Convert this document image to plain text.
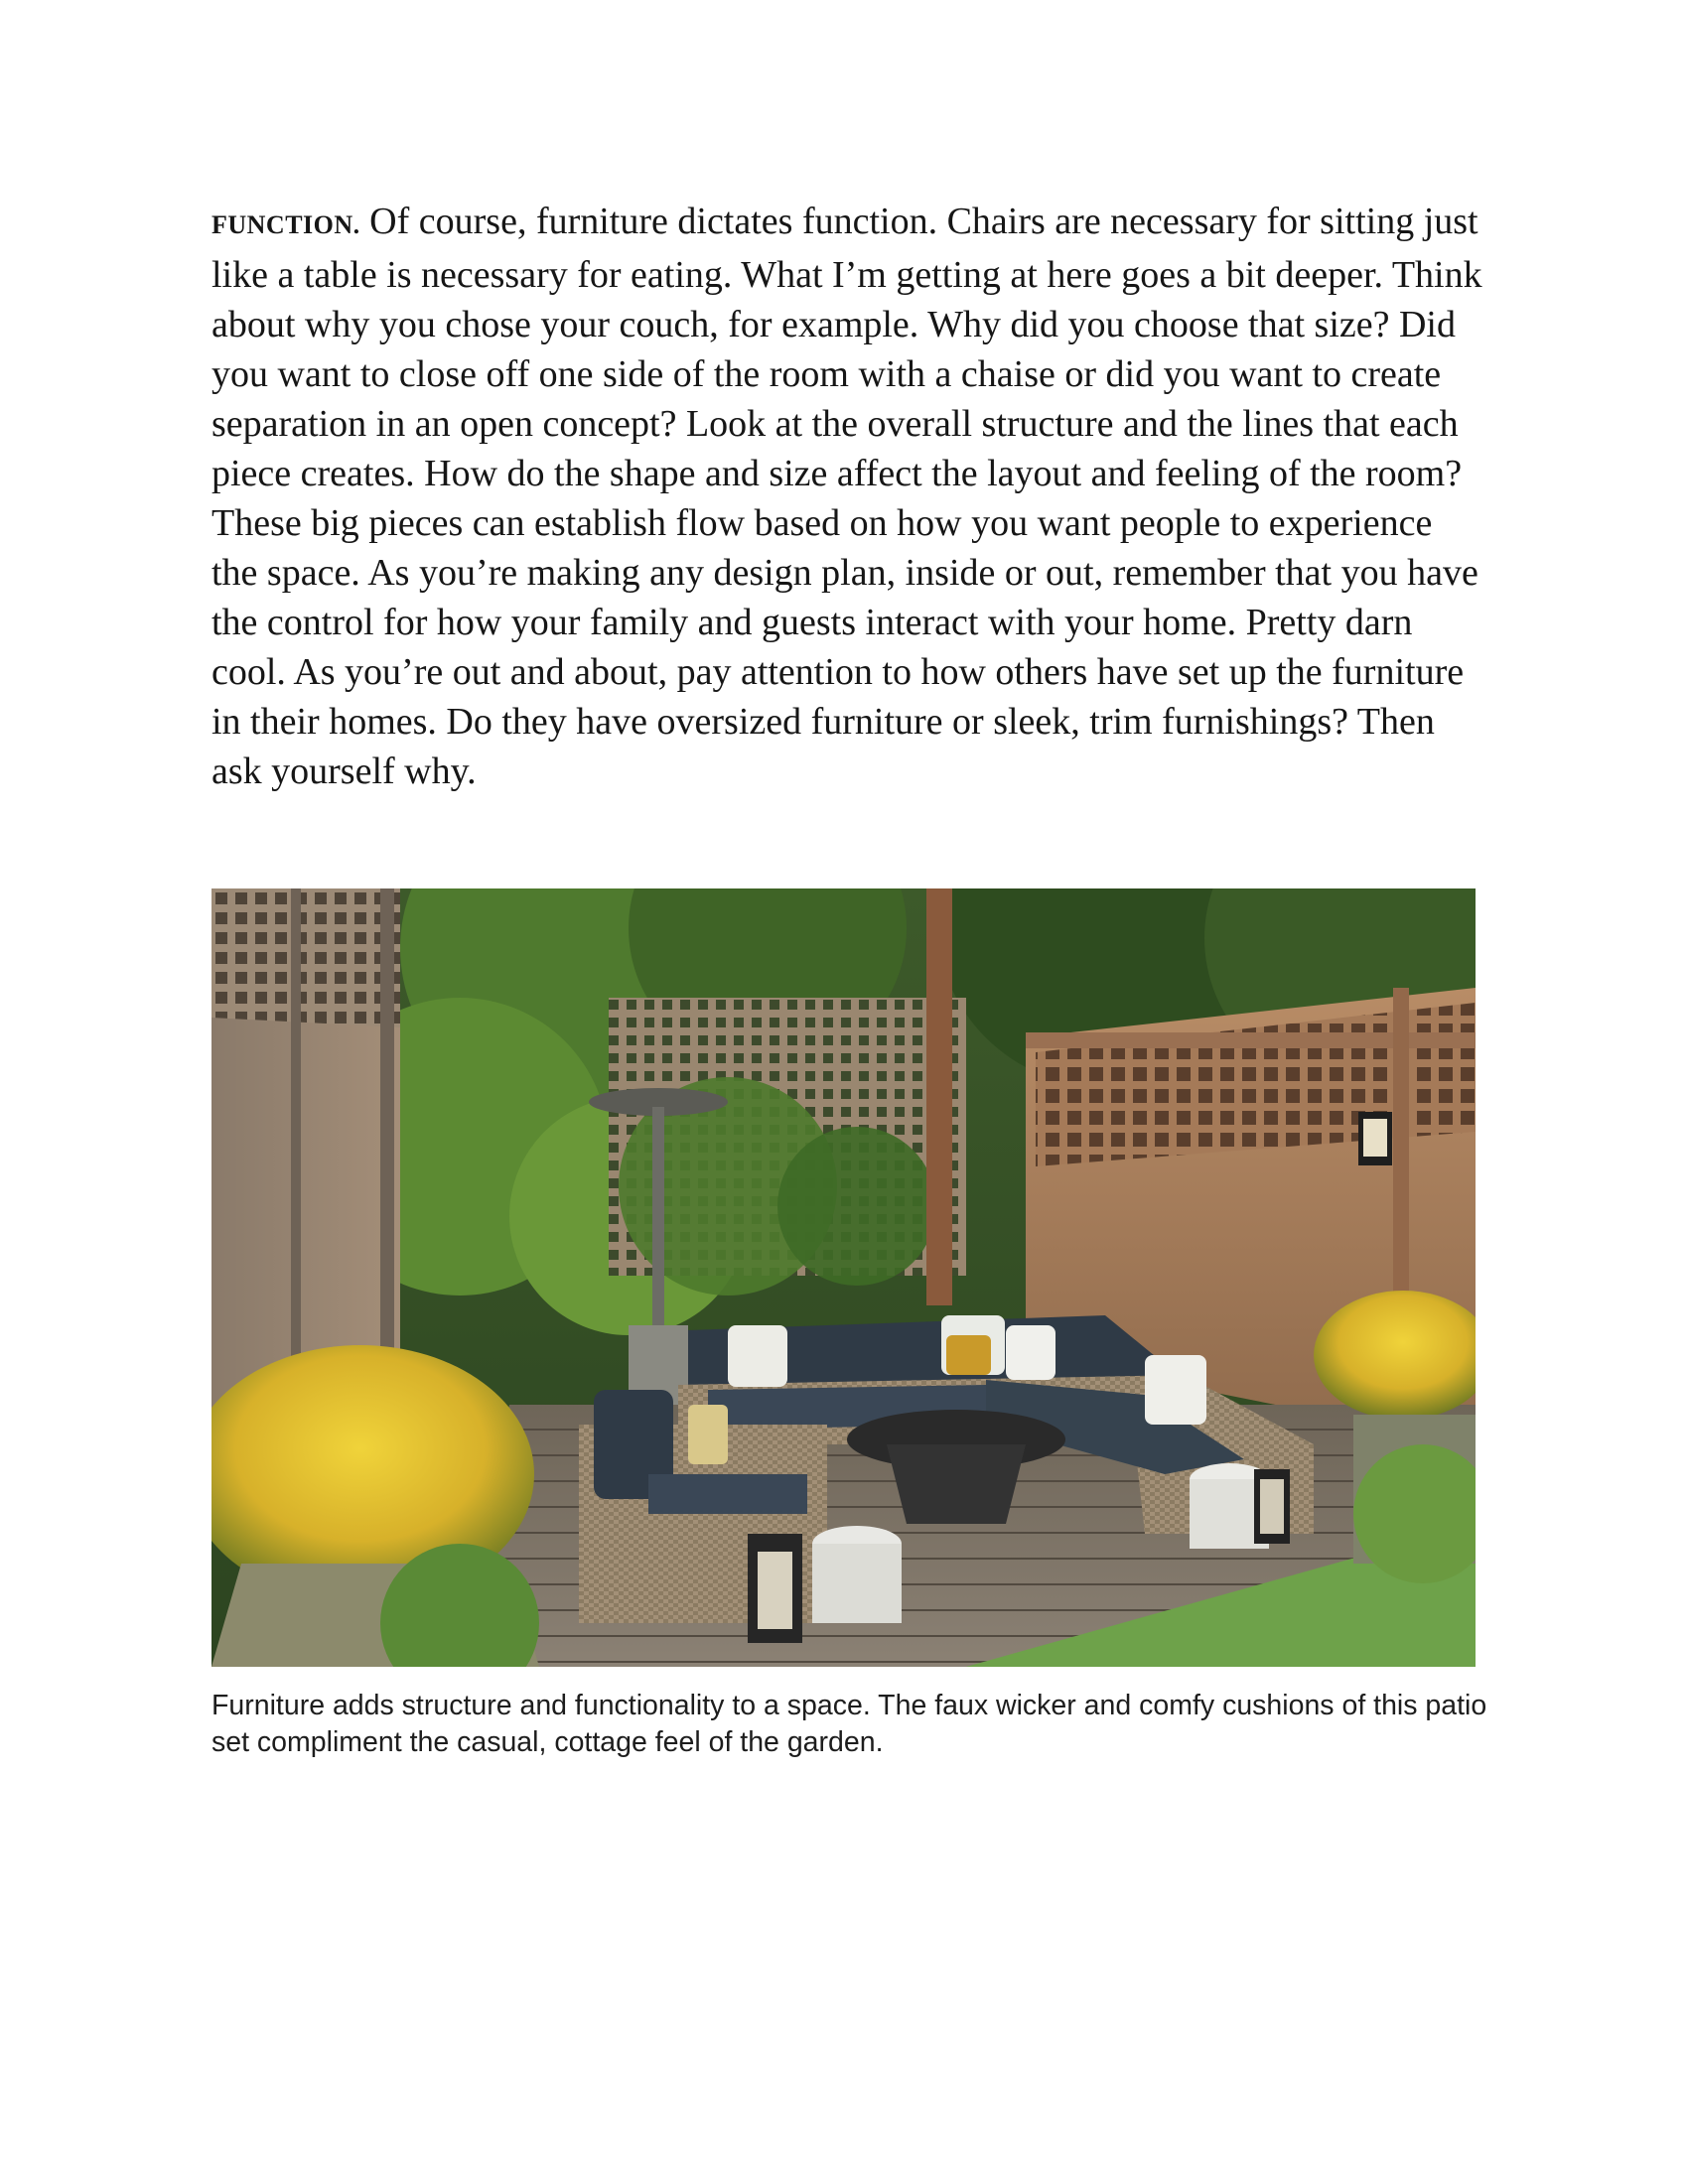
FUNCTION. Of course, furniture dictates function. Chairs are necessary for sitting just like a table is necessary for eating. What I’m getting at here goes a bit deeper. Think about why you chose your couch, for example. Why did you choose that size? Did you want to close off one side of the room with a chaise or did you want to create separation in an open concept? Look at the overall structure and the lines that each piece creates. How do the shape and size affect the layout and feeling of the room? These big pieces can establish flow based on how you want people to experience the space. As you’re making any design plan, inside or out, remember that you have the control for how your family and guests interact with your home. Pretty darn cool. As you’re out and about, pay attention to how others have set up the furniture in their homes. Do they have oversized furniture or sleek, trim furnishings? Then ask yourself why.

Furniture adds structure and functionality to a space. The faux wicker and comfy cushions of this patio set compliment the casual, cottage feel of the garden.
